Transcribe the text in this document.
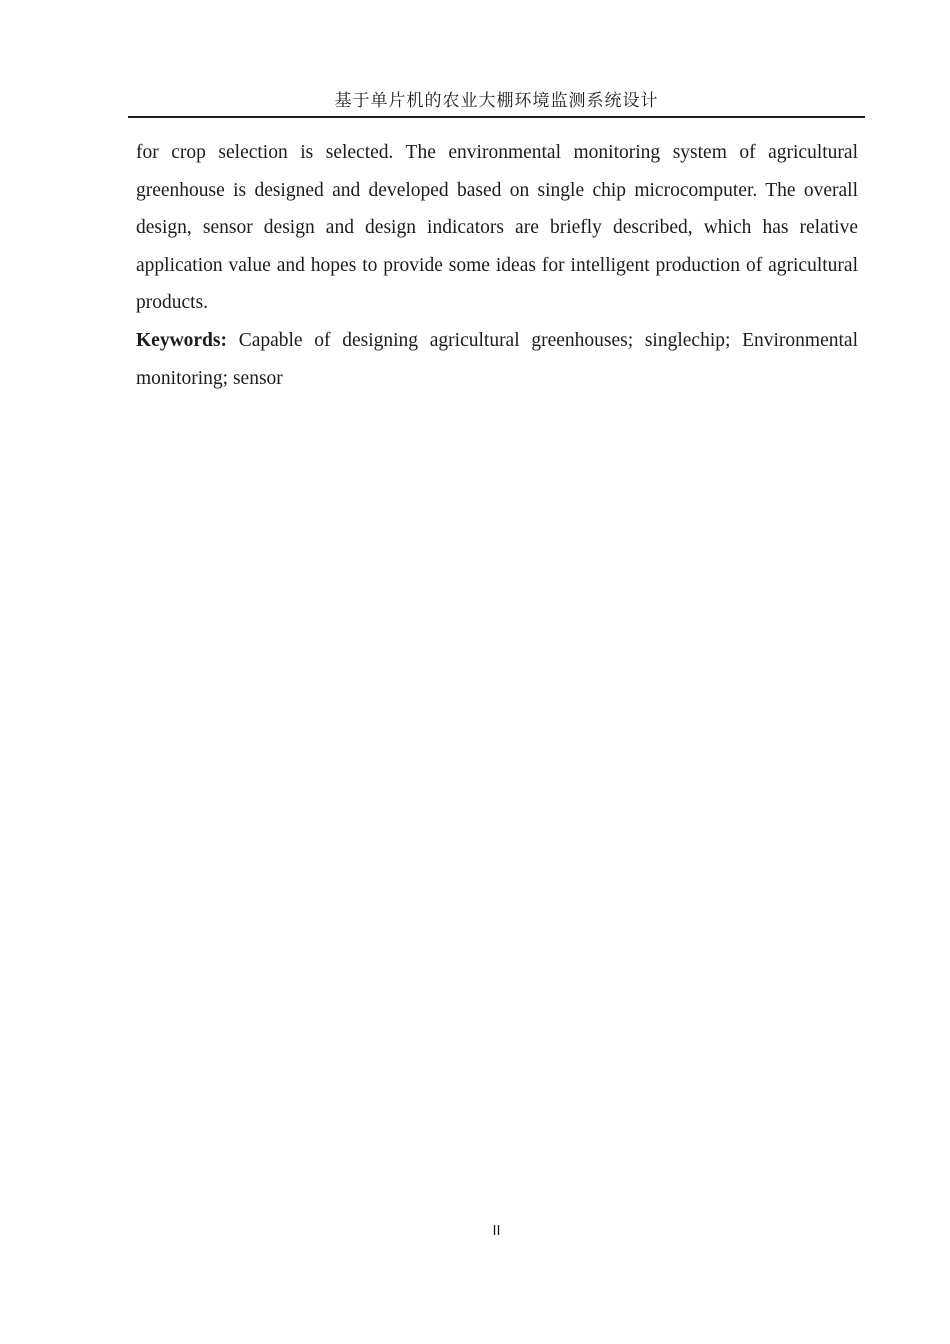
基于单片机的农业大棚环境监测系统设计
for crop selection is selected. The environmental monitoring system of agricultural
greenhouse is designed and developed based on single chip microcomputer. The overall
design, sensor design and design indicators are briefly described, which has relative
application value and hopes to provide some ideas for intelligent production of agricultural
products.
Keywords: Capable of designing agricultural greenhouses; singlechip; Environmental
monitoring; sensor
II
